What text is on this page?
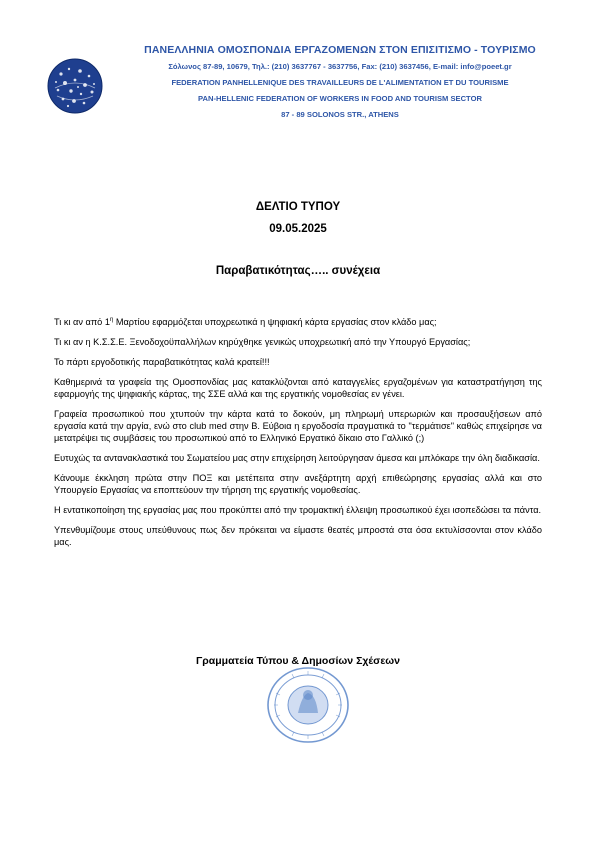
ΠΑΝΕΛΛΗΝΙΑ ΟΜΟΣΠΟΝΔΙΑ ΕΡΓΑΖΟΜΕΝΩΝ ΣΤΟΝ ΕΠΙΣΙΤΙΣΜΟ - ΤΟΥΡΙΣΜΟ
Σόλωνος 87-89, 10679, Τηλ.: (210) 3637767 - 3637756, Fax: (210) 3637456, E-mail: info@poeet.gr
FEDERATION PANHELLENIQUE DES TRAVAILLEURS DE L'ALIMENTATION ET DU TOURISME
PAN-HELLENIC FEDERATION OF WORKERS IN FOOD AND TOURISM SECTOR
87 - 89 SOLONOS STR., ATHENS
ΔΕΛΤΙΟ ΤΥΠΟΥ
09.05.2025
Παραβατικότητας….. συνέχεια

Τι κι αν από $1^\eta$ Μαρτίου εφαρμόζεται υποχρεωτικά η ψηφιακή κάρτα εργασίας στον κλάδο μας;

Τι κι αν η Κ.Σ.Σ.Ε. Ξενοδοχοϋπαλλήλων κηρύχθηκε γενικώς υποχρεωτική από την Υπουργό Εργασίας;

Το πάρτι εργοδοτικής παραβατικότητας καλά κρατεί!!!

Καθημερινά τα γραφεία της Ομοσπονδίας μας κατακλύζονται από καταγγελίες εργαζομένων για καταστρατήγηση της εφαρμογής της ψηφιακής κάρτας, της ΣΣΕ αλλά και της εργατικής νομοθεσίας εν γένει.

Γραφεία προσωπικού που χτυπούν την κάρτα κατά το δοκούν, μη πληρωμή υπερωριών και προσαυξήσεων από εργασία κατά την αργία, ενώ στο club med στην Β. Εύβοια η εργοδοσία πραγματικά το "τερμάτισε" καθώς επιχείρησε να μετατρέψει τις συμβάσεις του προσωπικού από το Ελληνικό Εργατικό δίκαιο στο Γαλλικό (;)

Ευτυχώς τα αντανακλαστικά του Σωματείου μας στην επιχείρηση λειτούργησαν άμεσα και μπλόκαρε την όλη διαδικασία.

Κάνουμε έκκληση πρώτα στην ΠΟΞ και μετέπειτα στην ανεξάρτητη αρχή επιθεώρησης εργασίας αλλά και στο Υπουργείο Εργασίας να εποπτεύουν την τήρηση της εργατικής νομοθεσίας.

Η εντατικοποίηση της εργασίας μας που προκύπτει από την τρομακτική έλλειψη προσωπικού έχει ισοπεδώσει τα πάντα.

Υπενθυμίζουμε στους υπεύθυνους πως δεν πρόκειται να είμαστε θεατές μπροστά στα όσα εκτυλίσσονται στον κλάδο μας.

Γραμματεία Τύπου & Δημοσίων Σχέσεων
